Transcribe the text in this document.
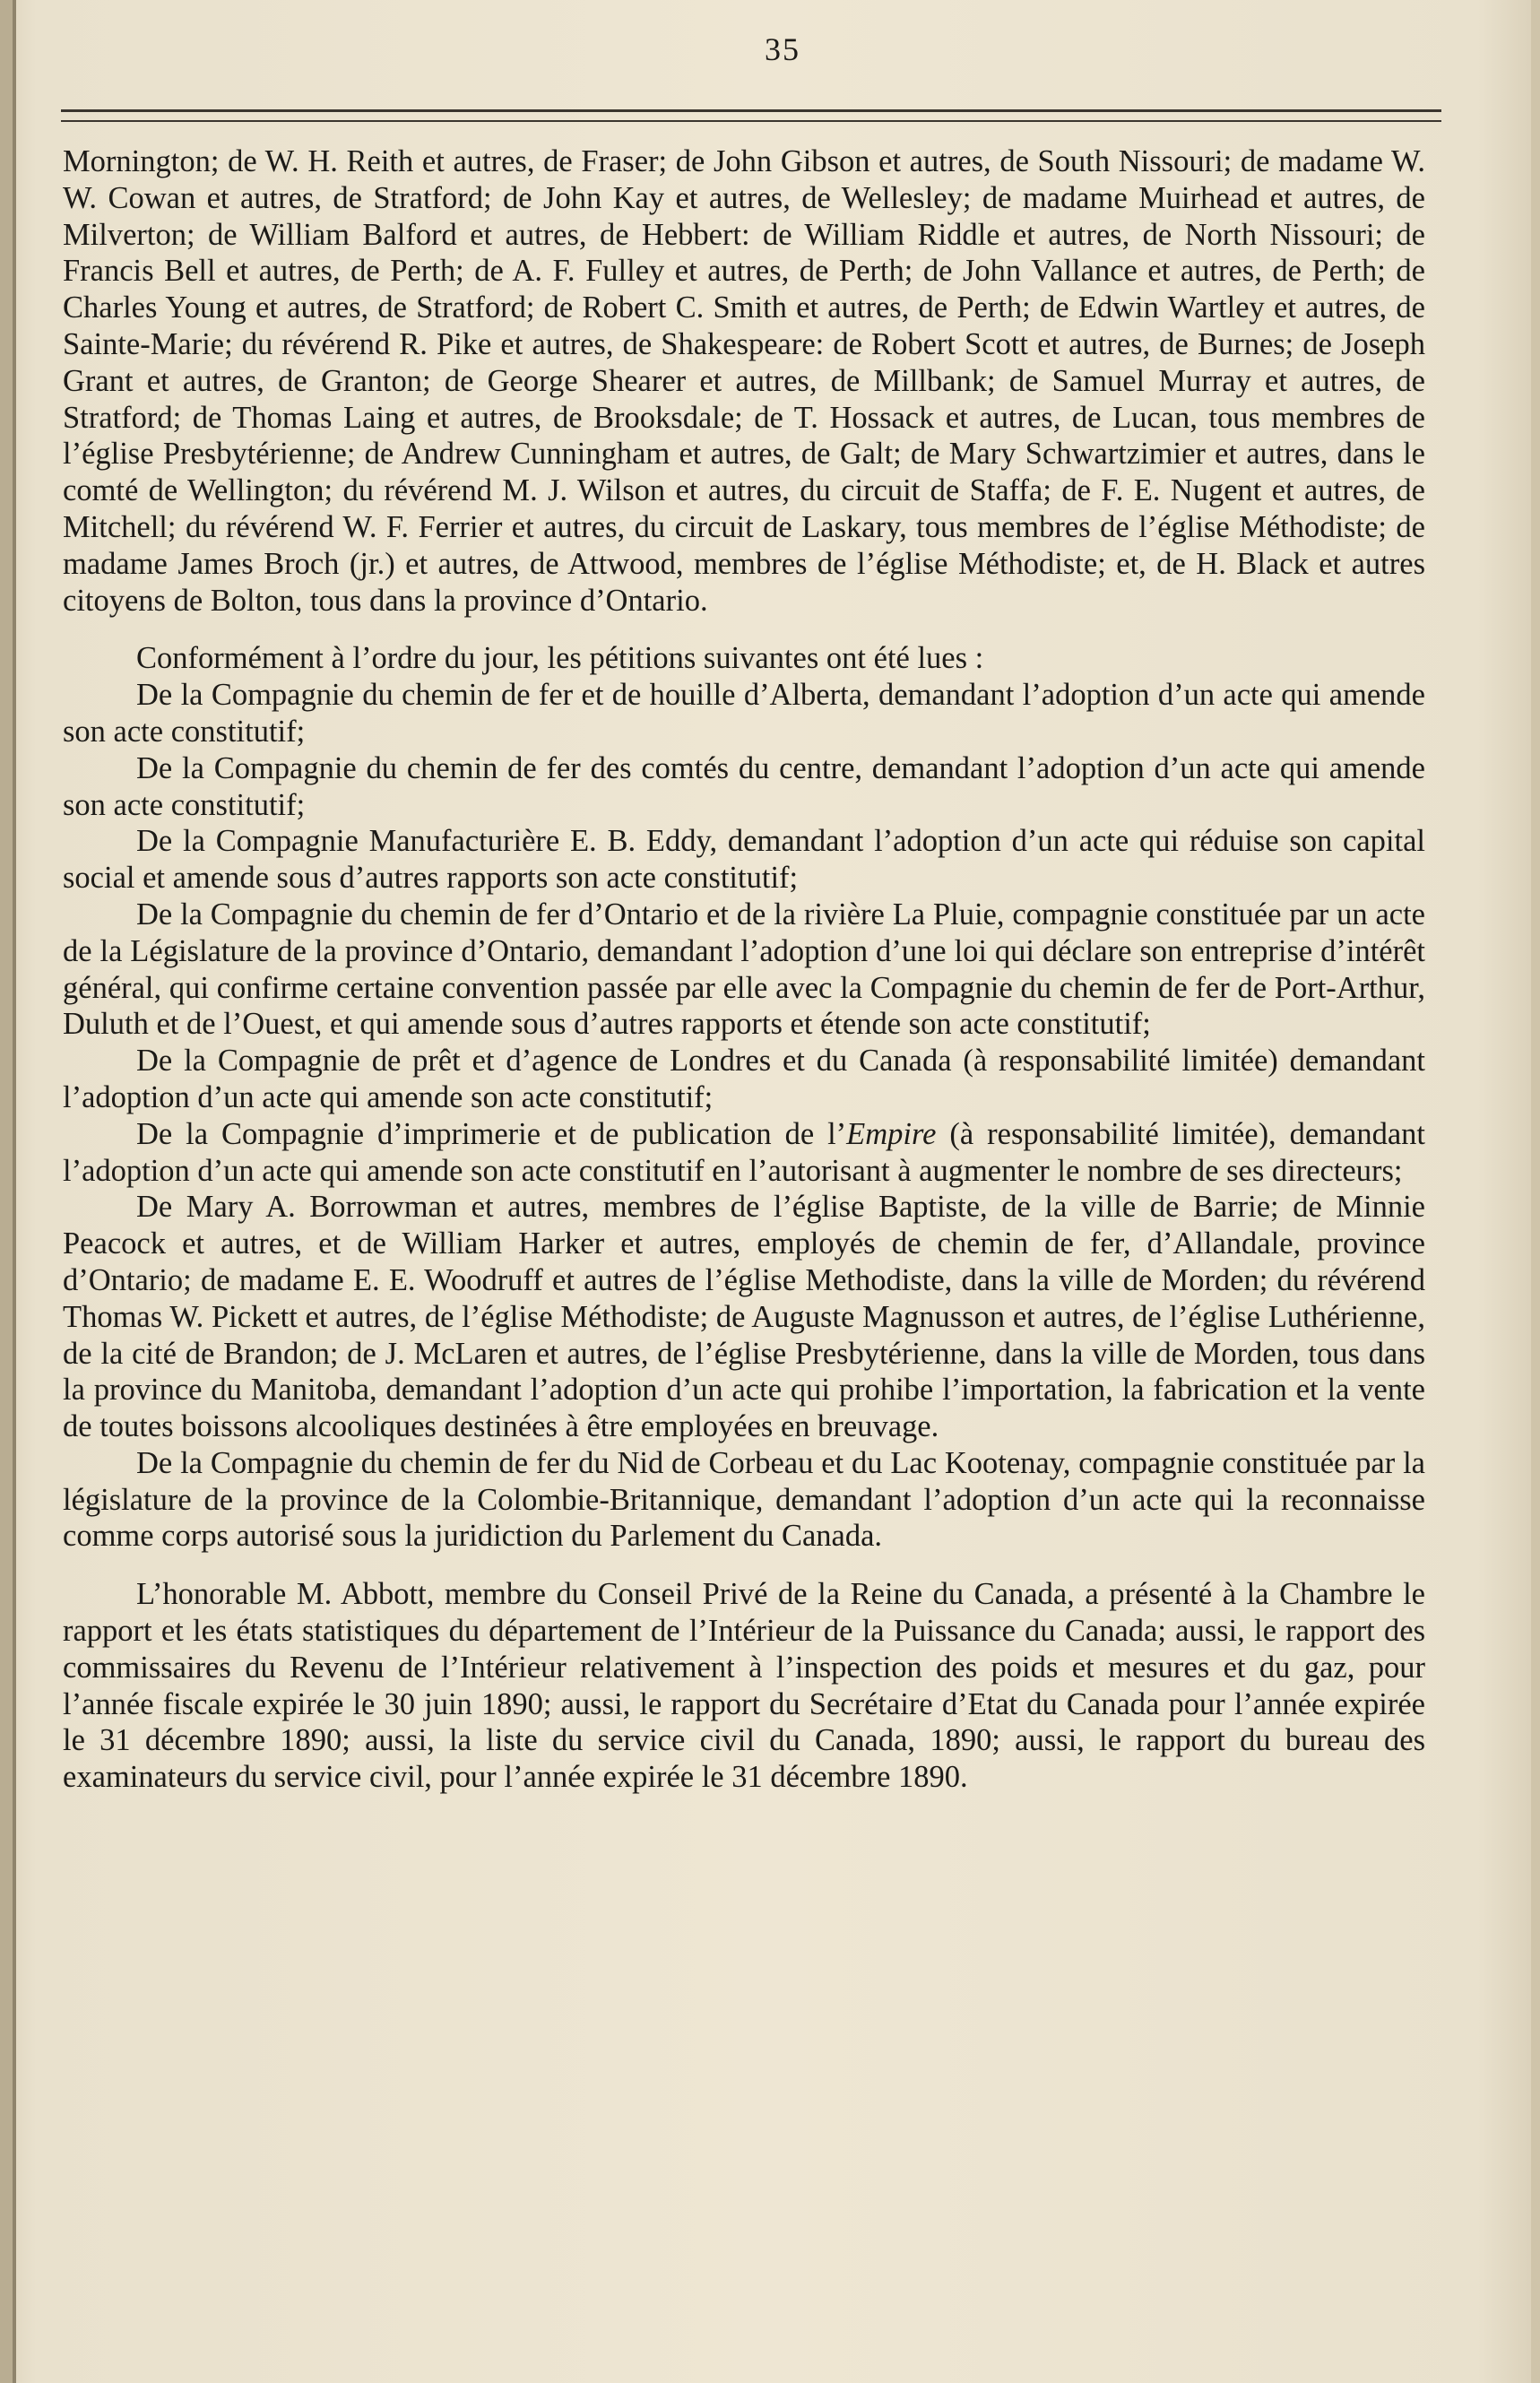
35

Mornington; de W. H. Reith et autres, de Fraser; de John Gibson et autres, de South Nissouri; de madame W. W. Cowan et autres, de Stratford; de John Kay et autres, de Wellesley; de madame Muirhead et autres, de Milverton; de William Balford et autres, de Hebbert: de William Riddle et autres, de North Nissouri; de Francis Bell et autres, de Perth; de A. F. Fulley et autres, de Perth; de John Vallance et autres, de Perth; de Charles Young et autres, de Stratford; de Robert C. Smith et autres, de Perth; de Edwin Wartley et autres, de Sainte-Marie; du révérend R. Pike et autres, de Shakespeare: de Robert Scott et autres, de Burnes; de Joseph Grant et autres, de Granton; de George Shearer et autres, de Millbank; de Samuel Murray et autres, de Stratford; de Thomas Laing et autres, de Brooksdale; de T. Hossack et autres, de Lucan, tous membres de l’église Presbytérienne; de Andrew Cunningham et autres, de Galt; de Mary Schwartzimier et autres, dans le comté de Wellington; du révérend M. J. Wilson et autres, du circuit de Staffa; de F. E. Nugent et autres, de Mitchell; du révérend W. F. Ferrier et autres, du circuit de Laskary, tous membres de l’église Méthodiste; de madame James Broch (jr.) et autres, de Attwood, membres de l’église Méthodiste; et, de H. Black et autres citoyens de Bolton, tous dans la province d’Ontario.

Conformément à l’ordre du jour, les pétitions suivantes ont été lues :

De la Compagnie du chemin de fer et de houille d’Alberta, demandant l’adoption d’un acte qui amende son acte constitutif;

De la Compagnie du chemin de fer des comtés du centre, demandant l’adoption d’un acte qui amende son acte constitutif;

De la Compagnie Manufacturière E. B. Eddy, demandant l’adoption d’un acte qui réduise son capital social et amende sous d’autres rapports son acte constitutif;

De la Compagnie du chemin de fer d’Ontario et de la rivière La Pluie, compagnie constituée par un acte de la Législature de la province d’Ontario, demandant l’adoption d’une loi qui déclare son entreprise d’intérêt général, qui confirme certaine convention passée par elle avec la Compagnie du chemin de fer de Port-Arthur, Duluth et de l’Ouest, et qui amende sous d’autres rapports et étende son acte constitutif;

De la Compagnie de prêt et d’agence de Londres et du Canada (à responsabilité limitée) demandant l’adoption d’un acte qui amende son acte constitutif;

De la Compagnie d’imprimerie et de publication de l’Empire (à responsabilité limitée), demandant l’adoption d’un acte qui amende son acte constitutif en l’autorisant à augmenter le nombre de ses directeurs;

De Mary A. Borrowman et autres, membres de l’église Baptiste, de la ville de Barrie; de Minnie Peacock et autres, et de William Harker et autres, employés de chemin de fer, d’Allandale, province d’Ontario; de madame E. E. Woodruff et autres de l’église Methodiste, dans la ville de Morden; du révérend Thomas W. Pickett et autres, de l’église Méthodiste; de Auguste Magnusson et autres, de l’église Luthérienne, de la cité de Brandon; de J. McLaren et autres, de l’église Presbytérienne, dans la ville de Morden, tous dans la province du Manitoba, demandant l’adoption d’un acte qui prohibe l’importation, la fabrication et la vente de toutes boissons alcooliques destinées à être employées en breuvage.

De la Compagnie du chemin de fer du Nid de Corbeau et du Lac Kootenay, compagnie constituée par la législature de la province de la Colombie-Britannique, demandant l’adoption d’un acte qui la reconnaisse comme corps autorisé sous la juridiction du Parlement du Canada.

L’honorable M. Abbott, membre du Conseil Privé de la Reine du Canada, a présenté à la Chambre le rapport et les états statistiques du département de l’Intérieur de la Puissance du Canada; aussi, le rapport des commissaires du Revenu de l’Intérieur relativement à l’inspection des poids et mesures et du gaz, pour l’année fiscale expirée le 30 juin 1890; aussi, le rapport du Secrétaire d’Etat du Canada pour l’année expirée le 31 décembre 1890; aussi, la liste du service civil du Canada, 1890; aussi, le rapport du bureau des examinateurs du service civil, pour l’année expirée le 31 décembre 1890.
